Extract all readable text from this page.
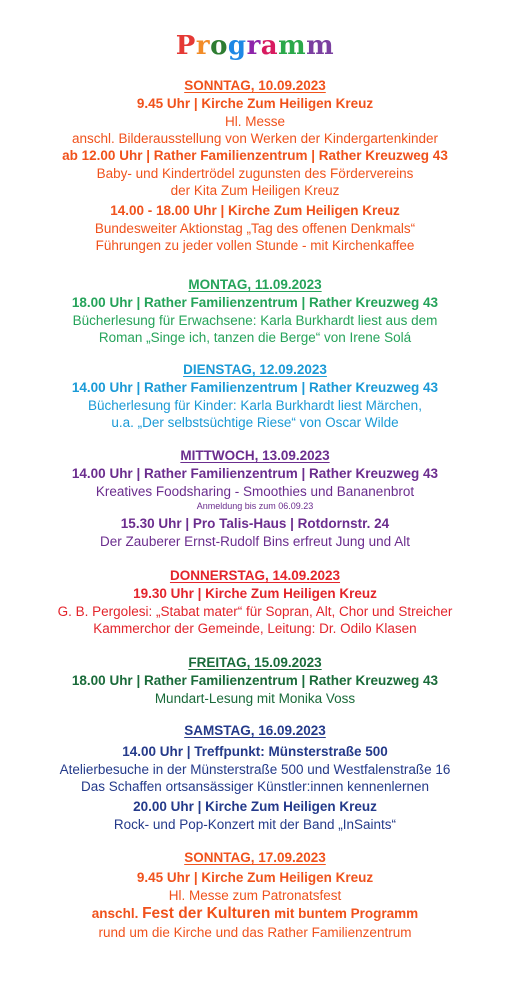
Programm
SONNTAG, 10.09.2023
9.45 Uhr | Kirche Zum Heiligen Kreuz
Hl. Messe
anschl. Bilderausstellung von Werken der Kindergartenkinder
ab 12.00 Uhr | Rather Familienzentrum | Rather Kreuzweg 43
Baby- und Kindertrödel zugunsten des Fördervereins
der Kita Zum Heiligen Kreuz
14.00 - 18.00 Uhr | Kirche Zum Heiligen Kreuz
Bundesweiter Aktionstag „Tag des offenen Denkmals“
Führungen zu jeder vollen Stunde - mit Kirchenkaffee
MONTAG, 11.09.2023
18.00 Uhr | Rather Familienzentrum | Rather Kreuzweg 43
Bücherlesung für Erwachsene: Karla Burkhardt liest aus dem
Roman „Singe ich, tanzen die Berge“ von Irene Solá
DIENSTAG, 12.09.2023
14.00 Uhr | Rather Familienzentrum | Rather Kreuzweg 43
Bücherlesung für Kinder: Karla Burkhardt liest Märchen,
u.a. „Der selbstsüchtige Riese“ von Oscar Wilde
MITTWOCH, 13.09.2023
14.00 Uhr | Rather Familienzentrum | Rather Kreuzweg 43
Kreatives Foodsharing - Smoothies und Bananenbrot
Anmeldung bis zum 06.09.23
15.30 Uhr | Pro Talis-Haus | Rotdornstr. 24
Der Zauberer Ernst-Rudolf Bins erfreut Jung und Alt
DONNERSTAG, 14.09.2023
19.30 Uhr | Kirche Zum Heiligen Kreuz
G. B. Pergolesi: „Stabat mater“ für Sopran, Alt, Chor und Streicher
Kammerchor der Gemeinde, Leitung: Dr. Odilo Klasen
FREITAG, 15.09.2023
18.00 Uhr | Rather Familienzentrum | Rather Kreuzweg 43
Mundart-Lesung mit Monika Voss
SAMSTAG, 16.09.2023
14.00 Uhr | Treffpunkt: Münsterstraße 500
Atelierbesuche in der Münsterstraße 500 und Westfalenstraße 16
Das Schaffen ortsansässiger Künstler:innen kennenlernen
20.00 Uhr | Kirche Zum Heiligen Kreuz
Rock- und Pop-Konzert mit der Band „InSaints“
SONNTAG, 17.09.2023
9.45 Uhr | Kirche Zum Heiligen Kreuz
Hl. Messe zum Patronatsfest
anschl. Fest der Kulturen mit buntem Programm
rund um die Kirche und das Rather Familienzentrum
